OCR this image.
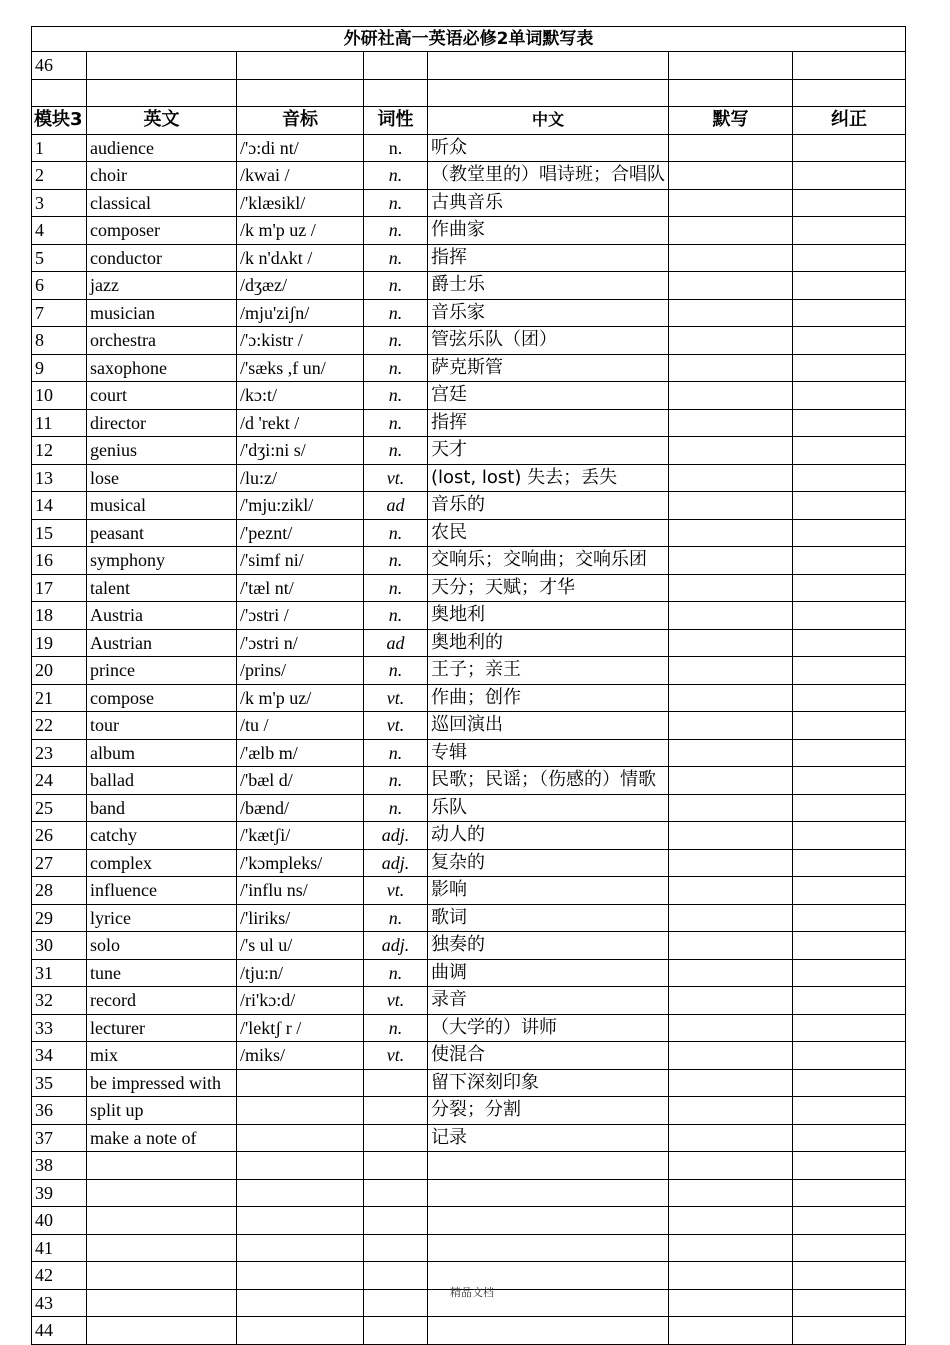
外研社高一英语必修2单词默写表						
46						

模块3	英文	音标	词性	中文	默写	纠正
1	audience	/'ɔ:di nt/	n.	听众		
2	choir	/kwai /	n.	（教堂里的）唱诗班；合唱队		
3	classical	/'klæsikl/	n.	古典音乐		
4	composer	/k m'p uz /	n.	作曲家		
5	conductor	/k n'dʌkt /	n.	指挥		
6	jazz	/dʒæz/	n.	爵士乐		
7	musician	/mju'ziʃn/	n.	音乐家		
8	orchestra	/'ɔ:kistr /	n.	管弦乐队（团）		
9	saxophone	/'sæks ,f un/	n.	萨克斯管		
10	court	/kɔ:t/	n.	宫廷		
11	director	/d 'rekt /	n.	指挥		
12	genius	/'dʒi:ni s/	n.	天才		
13	lose	/lu:z/	vt.	(lost, lost) 失去；丢失		
14	musical	/'mju:zikl/	ad	音乐的		
15	peasant	/'peznt/	n.	农民		
16	symphony	/'simf ni/	n.	交响乐；交响曲；交响乐团		
17	talent	/'tæl nt/	n.	天分；天赋；才华		
18	Austria	/'ɔstri /	n.	奥地利		
19	Austrian	/'ɔstri n/	ad	奥地利的		
20	prince	/prins/	n.	王子；亲王		
21	compose	/k m'p uz/	vt.	作曲；创作		
22	tour	/tu /	vt.	巡回演出		
23	album	/'ælb m/	n.	专辑		
24	ballad	/'bæl d/	n.	民歌；民谣；（伤感的）情歌		
25	band	/bænd/	n.	乐队		
26	catchy	/'kætʃi/	adj.	动人的		
27	complex	/'kɔmpleks/	adj.	复杂的		
28	influence	/'influ ns/	vt.	影响		
29	lyrice	/'liriks/	n.	歌词		
30	solo	/'s ul u/	adj.	独奏的		
31	tune	/tju:n/	n.	曲调		
32	record	/ri'kɔ:d/	vt.	录音		
33	lecturer	/'lektʃ r /	n.	（大学的）讲师		
34	mix	/miks/	vt.	使混合		
35	be impressed with			留下深刻印象		
36	split up			分裂；分割		
37	make a note of			记录		
38						
39						
40						
41						
42						
43						
44						
精品文档
